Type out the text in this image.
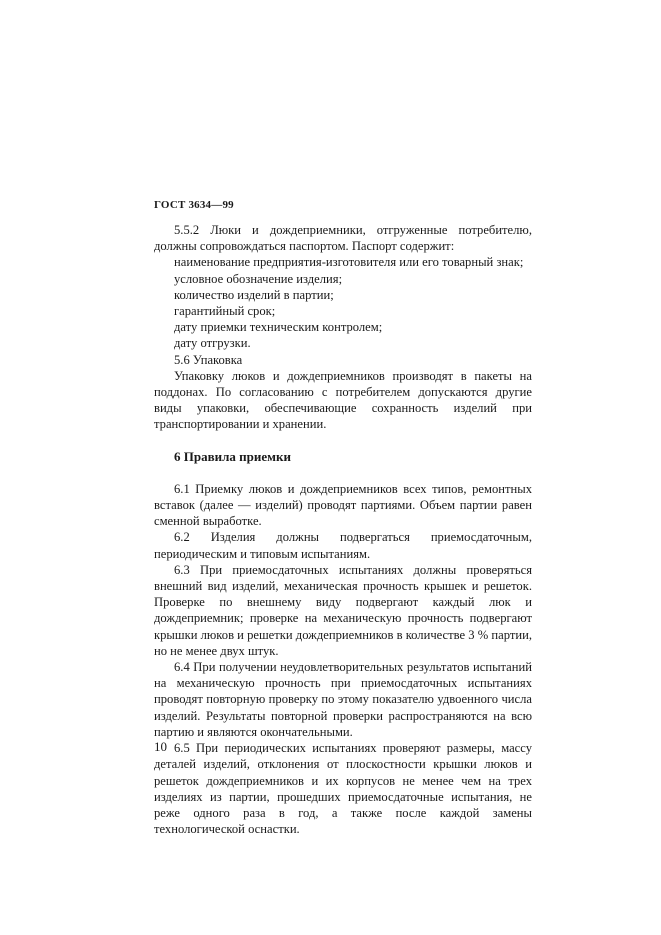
ГОСТ 3634—99

5.5.2 Люки и дождеприемники, отгруженные потребителю, должны сопровождаться паспортом. Паспорт содержит:

наименование предприятия-изготовителя или его товарный знак;
условное обозначение изделия;
количество изделий в партии;
гарантийный срок;
дату приемки техническим контролем;
дату отгрузки.

5.6 Упаковка

Упаковку люков и дождеприемников производят в пакеты на поддонах. По согласованию с потребителем допускаются другие виды упаковки, обеспечивающие сохранность изделий при транспортировании и хранении.

6 Правила приемки

6.1 Приемку люков и дождеприемников всех типов, ремонтных вставок (далее — изделий) проводят партиями. Объем партии равен сменной выработке.

6.2 Изделия должны подвергаться приемосдаточным, периодическим и типовым испытаниям.

6.3 При приемосдаточных испытаниях должны проверяться внешний вид изделий, механическая прочность крышек и решеток. Проверке по внешнему виду подвергают каждый люк и дождеприемник; проверке на механическую прочность подвергают крышки люков и решетки дождеприемников в количестве 3 % партии, но не менее двух штук.

6.4 При получении неудовлетворительных результатов испытаний на механическую прочность при приемосдаточных испытаниях проводят повторную проверку по этому показателю удвоенного числа изделий. Результаты повторной проверки распространяются на всю партию и являются окончательными.

6.5 При периодических испытаниях проверяют размеры, массу деталей изделий, отклонения от плоскостности крышки люков и решеток дождеприемников и их корпусов не менее чем на трех изделиях из партии, прошедших приемосдаточные испытания, не реже одного раза в год, а также после каждой замены технологической оснастки.

10
